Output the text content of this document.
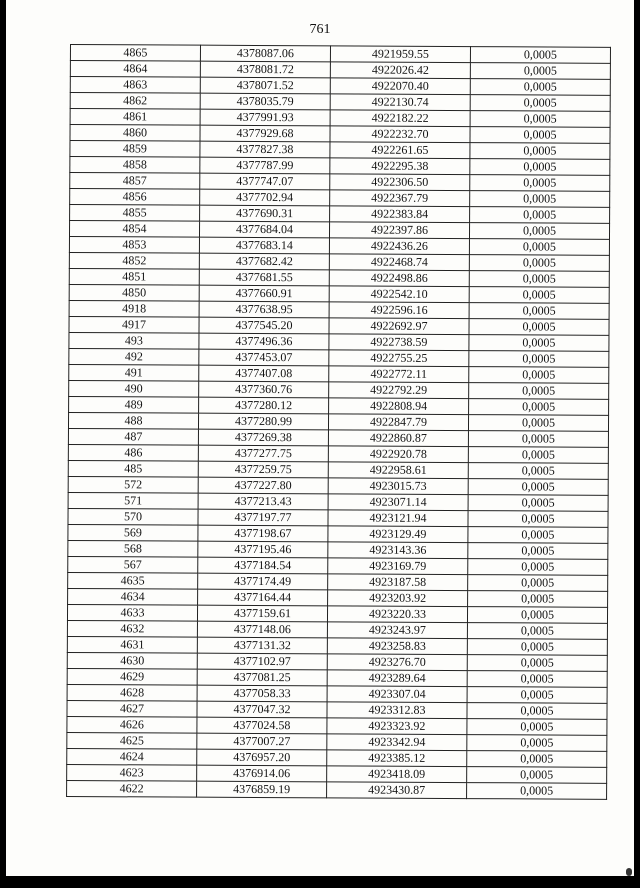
761
4865	4378087.06	4921959.55	0,0005
4864	4378081.72	4922026.42	0,0005
4863	4378071.52	4922070.40	0,0005
4862	4378035.79	4922130.74	0,0005
4861	4377991.93	4922182.22	0,0005
4860	4377929.68	4922232.70	0,0005
4859	4377827.38	4922261.65	0,0005
4858	4377787.99	4922295.38	0,0005
4857	4377747.07	4922306.50	0,0005
4856	4377702.94	4922367.79	0,0005
4855	4377690.31	4922383.84	0,0005
4854	4377684.04	4922397.86	0,0005
4853	4377683.14	4922436.26	0,0005
4852	4377682.42	4922468.74	0,0005
4851	4377681.55	4922498.86	0,0005
4850	4377660.91	4922542.10	0,0005
4918	4377638.95	4922596.16	0,0005
4917	4377545.20	4922692.97	0,0005
493	4377496.36	4922738.59	0,0005
492	4377453.07	4922755.25	0,0005
491	4377407.08	4922772.11	0,0005
490	4377360.76	4922792.29	0,0005
489	4377280.12	4922808.94	0,0005
488	4377280.99	4922847.79	0,0005
487	4377269.38	4922860.87	0,0005
486	4377277.75	4922920.78	0,0005
485	4377259.75	4922958.61	0,0005
572	4377227.80	4923015.73	0,0005
571	4377213.43	4923071.14	0,0005
570	4377197.77	4923121.94	0,0005
569	4377198.67	4923129.49	0,0005
568	4377195.46	4923143.36	0,0005
567	4377184.54	4923169.79	0,0005
4635	4377174.49	4923187.58	0,0005
4634	4377164.44	4923203.92	0,0005
4633	4377159.61	4923220.33	0,0005
4632	4377148.06	4923243.97	0,0005
4631	4377131.32	4923258.83	0,0005
4630	4377102.97	4923276.70	0,0005
4629	4377081.25	4923289.64	0,0005
4628	4377058.33	4923307.04	0,0005
4627	4377047.32	4923312.83	0,0005
4626	4377024.58	4923323.92	0,0005
4625	4377007.27	4923342.94	0,0005
4624	4376957.20	4923385.12	0,0005
4623	4376914.06	4923418.09	0,0005
4622	4376859.19	4923430.87	0,0005
